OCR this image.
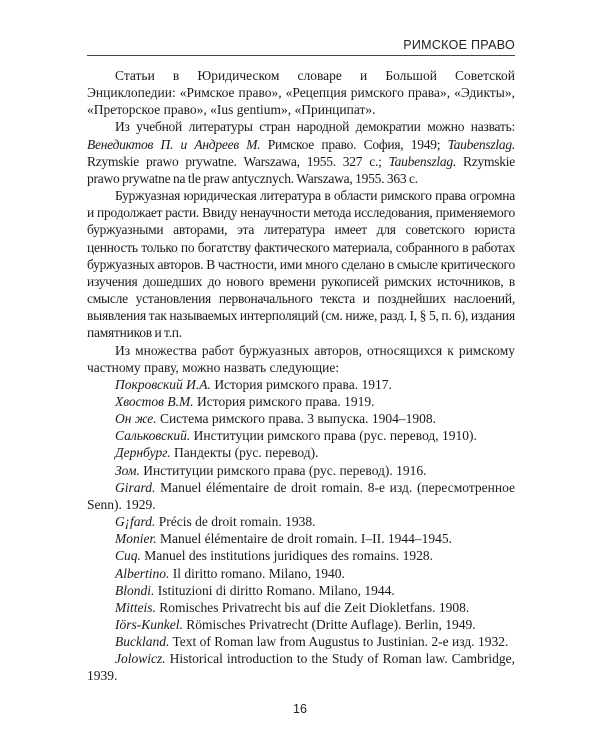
РИМСКОЕ ПРАВО

Статьи в Юридическом словаре и Большой Советской Энциклопедии: «Римское право», «Рецепция римского права», «Эдикты», «Преторское право», «Ius gentium», «Принципат».

Из учебной литературы стран народной демократии можно назвать: Венедиктов П. и Андреев М. Римское право. София, 1949; Taubenszlag. Rzymskie prawo prywatne. Warszawa, 1955. 327 с.; Taubenszlag. Rzymskie prawo prywatne na tle praw antycznych. Warszawa, 1955. 363 с.

Буржуазная юридическая литература в области римского права огромна и продолжает расти. Ввиду ненаучности метода исследования, применяемого буржуазными авторами, эта литература имеет для советского юриста ценность только по богатству фактического материала, собранного в работах буржуазных авторов. В частности, ими много сделано в смысле критического изучения дошедших до нового времени рукописей римских источников, в смысле установления первоначального текста и позднейших наслоений, выявления так называемых интерполяций (см. ниже, разд. I, § 5, п. 6), издания памятников и т.п.

Из множества работ буржуазных авторов, относящихся к римскому частному праву, можно назвать следующие:

Покровский И.А. История римского права. 1917.

Хвостов В.М. История римского права. 1919.

Он же. Система римского права. 3 выпуска. 1904–1908.

Сальковский. Институции римского права (рус. перевод, 1910).

Дернбург. Пандекты (рус. перевод).

Зом. Институции римского права (рус. перевод). 1916.

Girard. Manuel élémentaire de droit romain. 8-е изд. (пересмотренное Senn). 1929.

G¡fard. Précis de droit romain. 1938.

Monier. Manuel élémentaire de droit romain. I–II. 1944–1945.

Cuq. Manuel des institutions juridiques des romains. 1928.

Albertino. Il diritto romano. Milano, 1940.

Blondi. Istituzioni di diritto Romano. Milano, 1944.

Mitteis. Romisches Privatrecht bis auf die Zeit Diokletfans. 1908.

Iörs-Kunkel. Römisches Privatrecht (Dritte Auflage). Berlin, 1949.

Buckland. Text of Roman law from Augustus to Justinian. 2-е изд. 1932.

Jolowicz. Historical introduction to the Study of Roman law. Cambridge, 1939.

16
